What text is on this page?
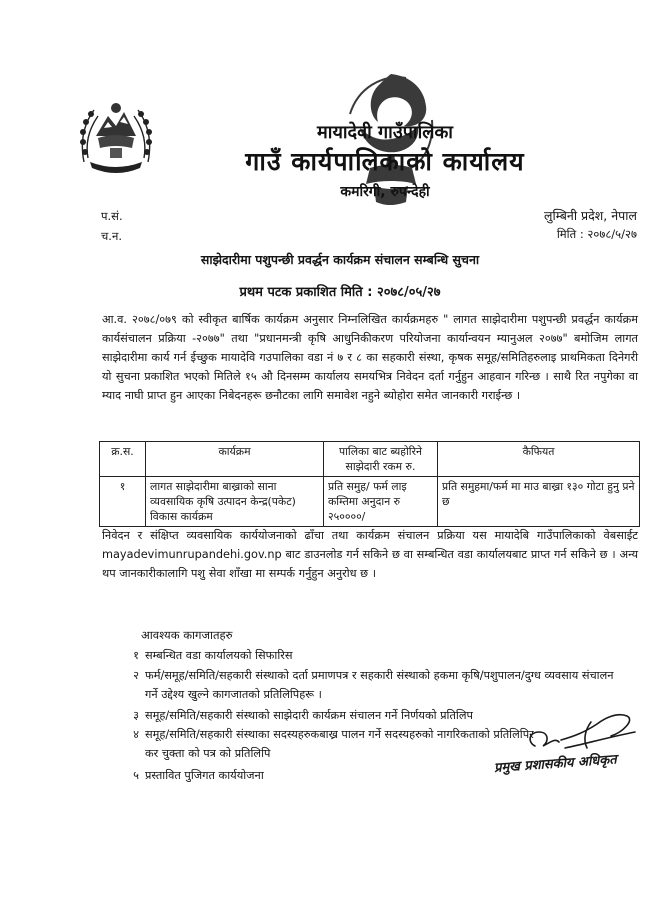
मायादेवी गाउँपालिका
गाउँ कार्यपालिकाको कार्यालय
कमरिगी, रुपन्देही
प.सं.
च.न.
लुम्बिनी प्रदेश, नेपाल
मिति : २०७८/५/२७
साझेदारीमा पशुपन्छी प्रवर्द्धन कार्यक्रम संचालन सम्बन्धि सुचना
प्रथम पटक प्रकाशित मिति : २०७८/०५/२७
आ.व. २०७८/०७९ को स्वीकृत बार्षिक कार्यक्रम अनुसार निम्नलिखित कार्यक्रमहरु " लागत साझेदारीमा पशुपन्छी प्रवर्द्धन कार्यक्रम कार्यसंचालन प्रक्रिया -२०७७" तथा "प्रधानमन्त्री कृषि आधुनिकीकरण परियोजना कार्यान्वयन म्यानुअल २०७७" बमोजिम लागत साझेदारीमा कार्य गर्न ईच्छुक मायादेवि गउपालिका वडा नं ७ र ८ का सहकारी संस्था, कृषक समूह/समितिहरुलाइ प्राथमिकता दिनेगरी यो सुचना प्रकाशित भएको मितिले १५ औ दिनसम्म कार्यालय समयभित्र निवेदन दर्ता गर्नुहुन आहवान गरिन्छ । साथै रित नपुगेका वा म्याद नाघी प्राप्त हुन आएका निबेदनहरू छनौटका लागि समावेश नहुने ब्योहोरा समेत जानकारी गराईन्छ ।
क्र.स.	कार्यक्रम	पालिका बाट ब्यहोरिने साझेदारी रकम रु.	कैफियत
१	लागत साझेदारीमा बाख्राको साना व्यवसायिक कृषि उत्पादन केन्द्र(पकेट) विकास कार्यक्रम	प्रति समुह/ फर्म लाइ कम्तिमा अनुदान रु २५००००/	प्रति समुहमा/फर्म मा माउ बाख्रा १३० गोटा हुनु प्रने छ
निवेदन र संक्षिप्त व्यवसायिक कार्ययोजनाको ढाँचा तथा कार्यक्रम संचालन प्रक्रिया यस मायादेबि गाउँपालिकाको वेबसाईट mayadevimunrupandehi.gov.np बाट डाउनलोड गर्न सकिने छ वा सम्बन्धित वडा कार्यालयबाट प्राप्त गर्न सकिने छ । अन्य थप जानकारीकालागि पशु सेवा शाँखा मा सम्पर्क गर्नुहुन अनुरोध छ ।
आवश्यक कागजातहरु
१ सम्बन्धित वडा कार्यालयको सिफारिस
२ फर्म/समूह/समिति/सहकारी संस्थाको दर्ता प्रमाणपत्र र सहकारी संस्थाको हकमा कृषि/पशुपालन/दुग्ध व्यवसाय संचालन गर्ने उद्देश्य खुल्ने कागजातको प्रतिलिपिहरू ।
३ समूह/समिति/सहकारी संस्थाको साझेदारी कार्यक्रम संचालन गर्ने निर्णयको प्रतिलिप
४ समूह/समिति/सहकारी संस्थाका सदस्यहरुकबाख्र पालन गर्ने सदस्यहरुको नागरिकताको प्रतिलिपिर कर चुक्ता को पत्र को प्रतिलिपि
५ प्रस्तावित पुजिगत कार्ययोजना	प्रमुख प्रशासकीय अधिकृत
